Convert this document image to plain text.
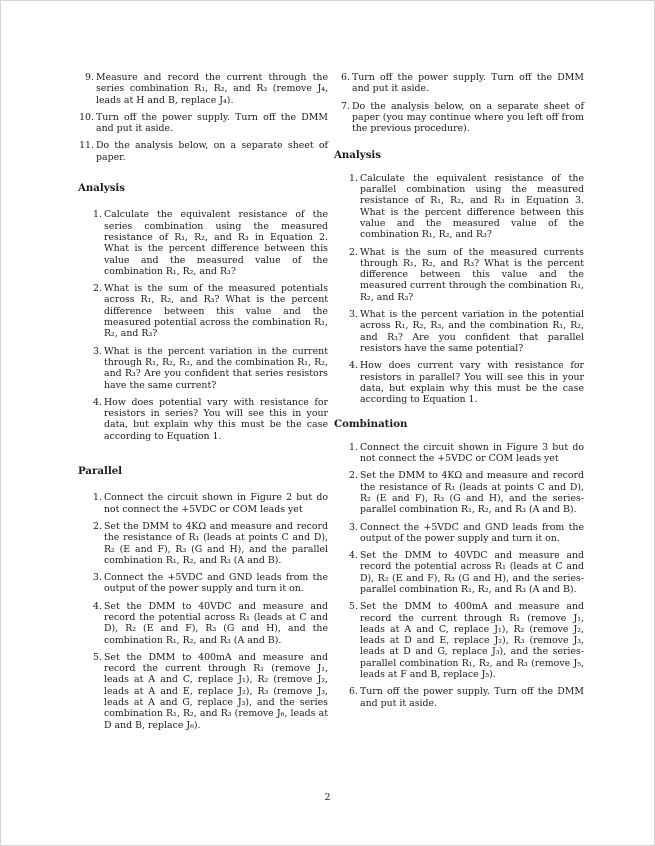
9. Measure and record the current through the series combination R₁, R₂, and R₃ (remove J₄, leads at H and B, replace J₄).
10. Turn off the power supply. Turn off the DMM and put it aside.
11. Do the analysis below, on a separate sheet of paper.
Analysis
1. Calculate the equivalent resistance of the series combination using the measured resistance of R₁, R₂, and R₃ in Equation 2. What is the percent difference between this value and the measured value of the combination R₁, R₂, and R₃?
2. What is the sum of the measured potentials across R₁, R₂, and R₃? What is the percent difference between this value and the measured potential across the combination R₁, R₂, and R₃?
3. What is the percent variation in the current through R₁, R₂, R₃, and the combination R₁, R₂, and R₃? Are you confident that series resistors have the same current?
4. How does potential vary with resistance for resistors in series? You will see this in your data, but explain why this must be the case according to Equation 1.
Parallel
1. Connect the circuit shown in Figure 2 but do not connect the +5VDC or COM leads yet
2. Set the DMM to 4KΩ and measure and record the resistance of R₁ (leads at points C and D), R₂ (E and F), R₃ (G and H), and the parallel combination R₁, R₂, and R₃ (A and B).
3. Connect the +5VDC and GND leads from the output of the power supply and turn it on.
4. Set the DMM to 40VDC and measure and record the potential across R₁ (leads at C and D), R₂ (E and F), R₃ (G and H), and the combination R₁, R₂, and R₃ (A and B).
5. Set the DMM to 400mA and measure and record the current through R₁ (remove J₁, leads at A and C, replace J₁), R₂ (remove J₂, leads at A and E, replace J₂), R₃ (remove J₃, leads at A and G, replace J₃), and the series combination R₁, R₂, and R₃ (remove J₆, leads at D and B, replace J₆).
6. Turn off the power supply. Turn off the DMM and put it aside.
7. Do the analysis below, on a separate sheet of paper (you may continue where you left off from the previous procedure).
Analysis
1. Calculate the equivalent resistance of the parallel combination using the measured resistance of R₁, R₂, and R₃ in Equation 3. What is the percent difference between this value and the measured value of the combination R₁, R₂, and R₃?
2. What is the sum of the measured currents through R₁, R₂, and R₃? What is the percent difference between this value and the measured current through the combination R₁, R₂, and R₃?
3. What is the percent variation in the potential across R₁, R₂, R₃, and the combination R₁, R₂, and R₃? Are you confident that parallel resistors have the same potential?
4. How does current vary with resistance for resistors in parallel? You will see this in your data, but explain why this must be the case according to Equation 1.
Combination
1. Connect the circuit shown in Figure 3 but do not connect the +5VDC or COM leads yet
2. Set the DMM to 4KΩ and measure and record the resistance of R₁ (leads at points C and D), R₂ (E and F), R₃ (G and H), and the series-parallel combination R₁, R₂, and R₃ (A and B).
3. Connect the +5VDC and GND leads from the output of the power supply and turn it on.
4. Set the DMM to 40VDC and measure and record the potential across R₁ (leads at C and D), R₂ (E and F), R₃ (G and H), and the series-parallel combination R₁, R₂, and R₃ (A and B).
5. Set the DMM to 400mA and measure and record the current through R₁ (remove J₁, leads at A and C, replace J₁), R₂ (remove J₂, leads at D and E, replace J₂), R₃ (remove J₃, leads at D and G, replace J₃), and the series-parallel combination R₁, R₂, and R₃ (remove J₅, leads at F and B, replace J₅).
6. Turn off the power supply. Turn off the DMM and put it aside.
2
